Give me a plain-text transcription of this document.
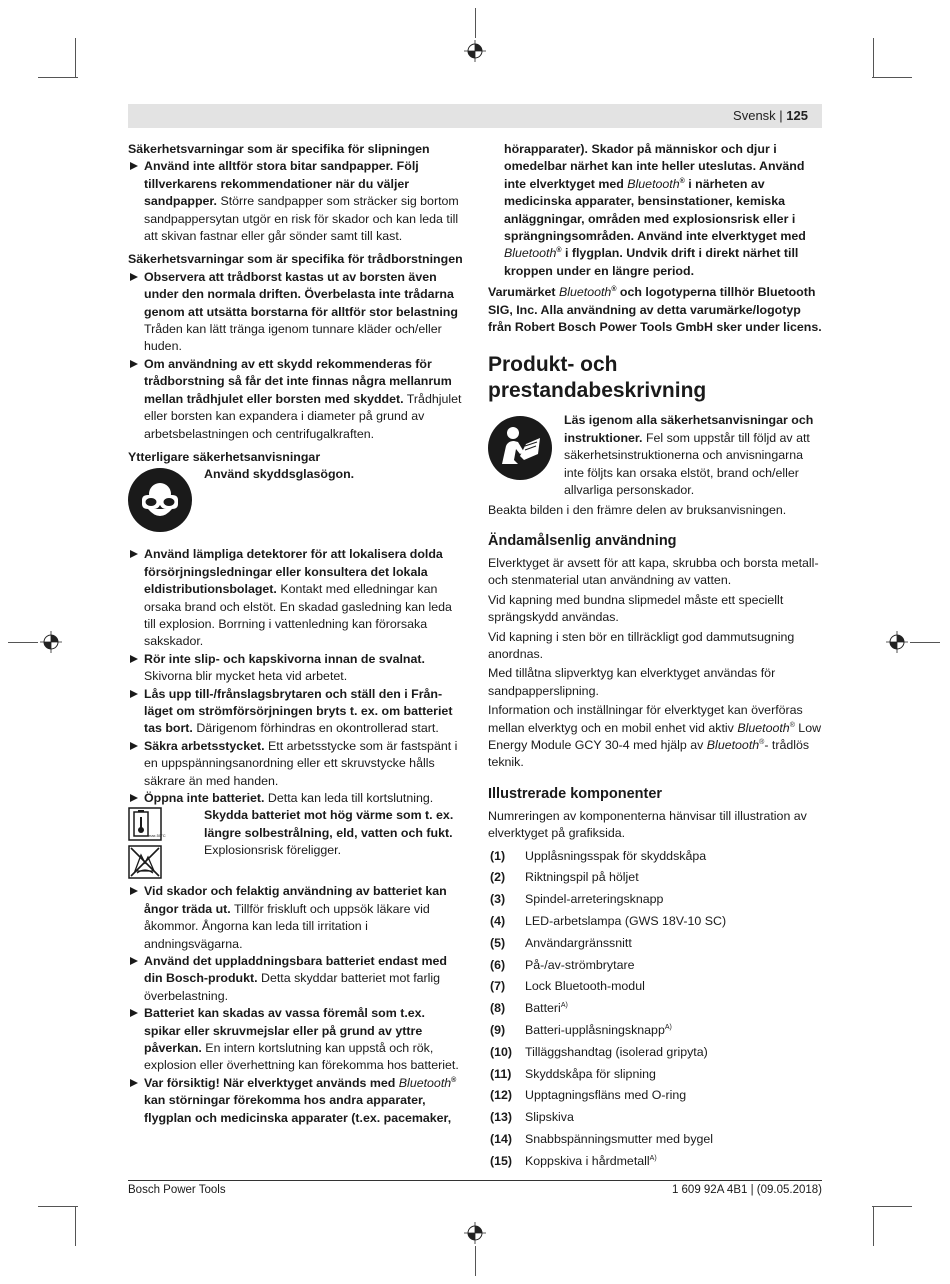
Svensk | 125

Säkerhetsvarningar som är specifika för slipningen

Använd inte alltför stora bitar sandpapper. Följ tillverkarens rekommendationer när du väljer sandpapper. Större sandpapper som sträcker sig bortom sandpappersytan utgör en risk för skador och kan leda till att skivan fastnar eller går sönder samt till kast.

Säkerhetsvarningar som är specifika för trådborstningen

Observera att trådborst kastas ut av borsten även under den normala driften. Överbelasta inte trådarna genom att utsätta borstarna för alltför stor belastning Tråden kan lätt tränga igenom tunnare kläder och/eller huden.

Om användning av ett skydd rekommenderas för trådborstning så får det inte finnas några mellanrum mellan trådhjulet eller borsten med skyddet. Trådhjulet eller borsten kan expandera i diameter på grund av arbetsbelastningen och centrifugalkraften.

Ytterligare säkerhetsanvisningar

Använd skyddsglasögon.

Använd lämpliga detektorer för att lokalisera dolda försörjningsledningar eller konsultera det lokala eldistributionsbolaget. Kontakt med elledningar kan orsaka brand och elstöt. En skadad gasledning kan leda till explosion. Borrning i vattenledning kan förorsaka sakskador.

Rör inte slip- och kapskivorna innan de svalnat. Skivorna blir mycket heta vid arbetet.

Lås upp till-/frånslagsbrytaren och ställ den i Från-läget om strömförsörjningen bryts t. ex. om batteriet tas bort. Därigenom förhindras en okontrollerad start.

Säkra arbetsstycket. Ett arbetsstycke som är fastspänt i en uppspänningsanordning eller ett skruvstycke hålls säkrare än med handen.

Öppna inte batteriet. Detta kan leda till kortslutning.

max.50°C
Skydda batteriet mot hög värme som t. ex. längre solbestrålning, eld, vatten och fukt. Explosionsrisk föreligger.

Vid skador och felaktig användning av batteriet kan ångor träda ut. Tillför friskluft och uppsök läkare vid åkommor. Ångorna kan leda till irritation i andningsvägarna.

Använd det uppladdningsbara batteriet endast med din Bosch-produkt. Detta skyddar batteriet mot farlig överbelastning.

Batteriet kan skadas av vassa föremål som t.ex. spikar eller skruvmejslar eller på grund av yttre påverkan. En intern kortslutning kan uppstå och rök, explosion eller överhettning kan förekomma hos batteriet.

Var försiktig! När elverktyget används med Bluetooth® kan störningar förekomma hos andra apparater, flygplan och medicinska apparater (t.ex. pacemaker,

hörapparater). Skador på människor och djur i omedelbar närhet kan inte heller uteslutas. Använd inte elverktyget med Bluetooth® i närheten av medicinska apparater, bensinstationer, kemiska anläggningar, områden med explosionsrisk eller i sprängningsområden. Använd inte elverktyget med Bluetooth® i flygplan. Undvik drift i direkt närhet till kroppen under en längre period.

Varumärket Bluetooth® och logotyperna tillhör Bluetooth SIG, Inc. Alla användning av detta varumärke/logotyp från Robert Bosch Power Tools GmbH sker under licens.

Produkt- och prestandabeskrivning
Läs igenom alla säkerhetsanvisningar och instruktioner. Fel som uppstår till följd av att säkerhetsinstruktionerna och anvisningarna inte följts kan orsaka elstöt, brand och/eller allvarliga personskador.

Beakta bilden i den främre delen av bruksanvisningen.

Ändamålsenlig användning

Elverktyget är avsett för att kapa, skrubba och borsta metall- och stenmaterial utan användning av vatten.

Vid kapning med bundna slipmedel måste ett speciellt sprängskydd användas.

Vid kapning i sten bör en tillräckligt god dammutsugning anordnas.

Med tillåtna slipverktyg kan elverktyget användas för sandpapperslipning.

Information och inställningar för elverktyget kan överföras mellan elverktyg och en mobil enhet vid aktiv Bluetooth® Low Energy Module GCY 30-4 med hjälp av Bluetooth®- trådlös teknik.

Illustrerade komponenter

Numreringen av komponenterna hänvisar till illustration av elverktyget på grafiksida.

(1)	Upplåsningsspak för skyddskåpa
(2)	Riktningspil på höljet
(3)	Spindel-arreteringsknapp
(4)	LED-arbetslampa (GWS 18V-10 SC)
(5)	Användargränssnitt
(6)	På-/av-strömbrytare
(7)	Lock Bluetooth-modul
(8)	Batteri$^{A)}$
(9)	Batteri-upplåsningsknapp$^{A)}$
(10)	Tilläggshandtag (isolerad gripyta)
(11)	Skyddskåpa för slipning
(12)	Upptagningsfläns med O-ring
(13)	Slipskiva
(14)	Snabbspänningsmutter med bygel
(15)	Koppskiva i hårdmetall$^{A)}$
Bosch Power Tools	1 609 92A 4B1 | (09.05.2018)
